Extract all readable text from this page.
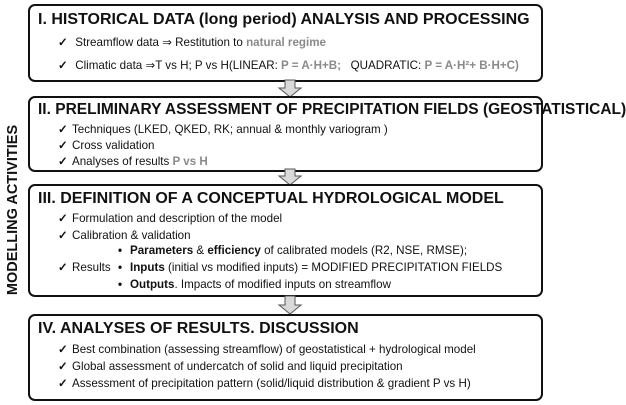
MODELLING ACTIVITIES
I. HISTORICAL DATA (long period) ANALYSIS AND PROCESSING
✓ Streamflow data ⇒ Restitution to natural regime
✓ Climatic data ⇒T vs H; P vs H(LINEAR: P = A·H+B;   QUADRATIC: P = A·H²+ B·H+C)
II. PRELIMINARY ASSESSMENT OF PRECIPITATION FIELDS (GEOSTATISTICAL)
✓ Techniques (LKED, QKED, RK; annual & monthly variogram )
✓ Cross validation
✓ Analyses of results P vs H
III. DEFINITION OF A CONCEPTUAL HYDROLOGICAL MODEL
✓ Formulation and description of the model
✓ Calibration & validation
✓ Results
• Parameters & efficiency of calibrated models (R2, NSE, RMSE);
• Inputs (initial vs modified inputs) = MODIFIED PRECIPITATION FIELDS
• Outputs. Impacts of modified inputs on streamflow
IV. ANALYSES OF RESULTS. DISCUSSION
✓ Best combination (assessing streamflow) of geostatistical + hydrological model
✓ Global assessment of undercatch of solid and liquid precipitation
✓ Assessment of precipitation pattern (solid/liquid distribution & gradient P vs H)
